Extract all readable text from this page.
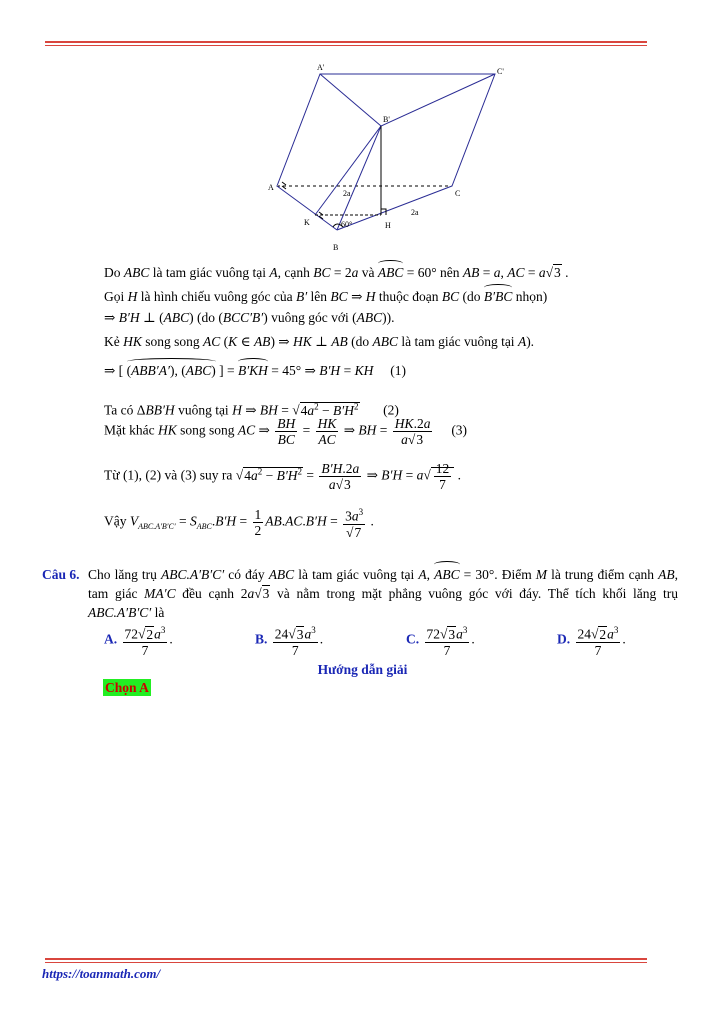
A'	C'
B'
A
C
K	H
B
2a
2a
60°
Do ABC là tam giác vuông tại A, cạnh BC = 2a và ABC = 60° nên AB = a, AC = a√3 .
Gọi H là hình chiếu vuông góc của B′ lên BC ⇒ H thuộc đoạn BC (do B′BC nhọn)
⇒ B′H ⊥ (ABC) (do (BCC′B′) vuông góc với (ABC)).
Kẻ HK song song AC (K ∈ AB) ⇒ HK ⊥ AB (do ABC là tam giác vuông tại A).
⇒ [ (ABB′A′), (ABC) ] = B′KH = 45° ⇒ B′H = KH (1)
Ta có ΔBB′H vuông tại H ⇒ BH = $√4a^2 - B'H^2$ (2)
Mặt khác HK song song AC ⇒ $\frac{BH}{BC} = \frac{HK}{AC}$ ⇒ BH = $\frac{HK.2a}{a√3} (3)$
Từ (1), (2) và (3) suy ra $√4a^2 - B'H^2 = \frac{B'H.2a}{a√3}$ ⇒ $B'H = a√ \frac{12}{7}$ .
Vậy $V_{ABC.A'B'C'} = S_{ABC}.B'H = \frac{1}{2} AB.AC.B'H = \frac{3a^3}{√7}$ .
Câu 6. Cho lăng trụ ABC.A′B′C′ có đáy ABC là tam giác vuông tại A, ABC = 30°. Điểm M là trung điểm cạnh AB, tam giác MA′C đều cạnh 2a√3 và nằm trong mặt phẳng vuông góc với đáy. Thể tích khối lăng trụ ABC.A′B′C′ là
A. $\frac{72√2a^3}{7}$ .	B. $\frac{24√3a^3}{7}$ .	C. $\frac{72√3a^3}{7}$ .	D. $\frac{24√2a^3}{7}$ .
Hướng dẫn giải
Chọn A
https://toanmath.com/
